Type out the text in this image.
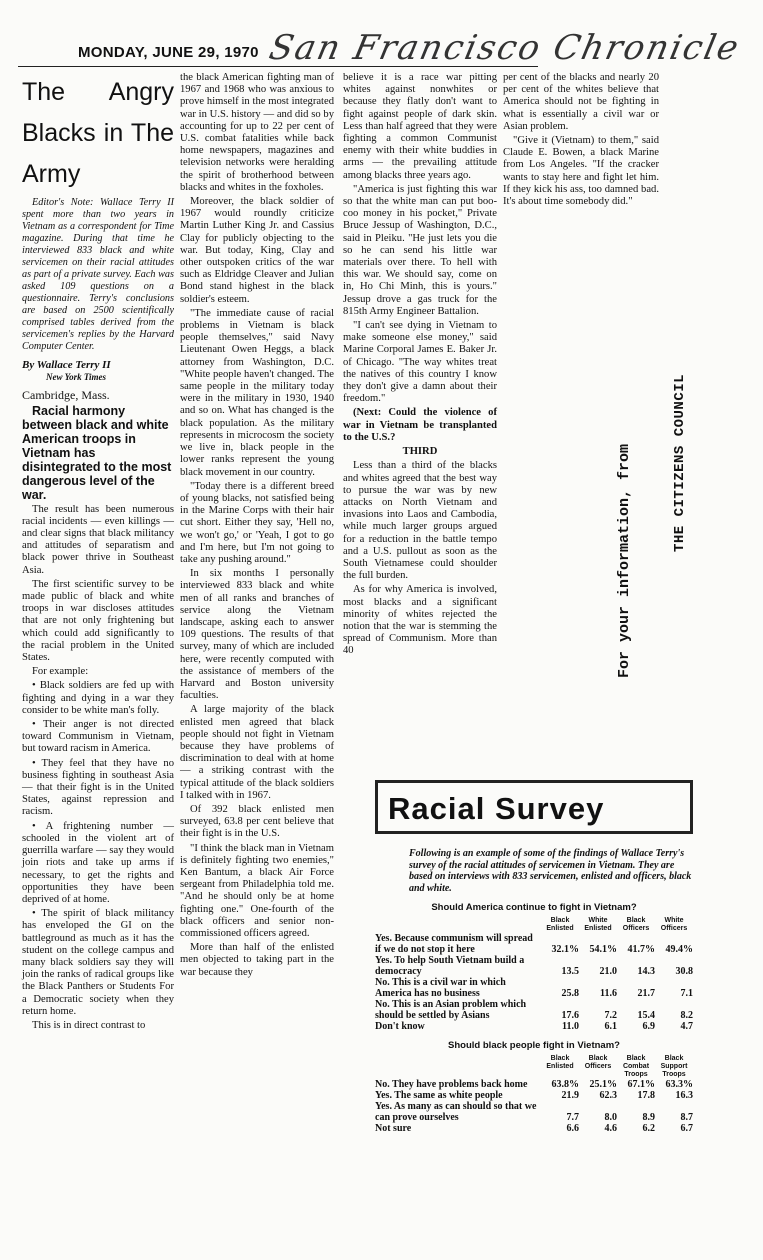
MONDAY, JUNE 29, 1970 San Francisco Chronicle

The Angry Blacks in The Army

Editor's Note: Wallace Terry II spent more than two years in Vietnam as a correspondent for Time magazine. During that time he interviewed 833 black and white servicemen on their racial attitudes as part of a private survey. Each was asked 109 questions on a questionnaire. Terry's conclusions are based on 2500 scientifically comprised tables derived from the servicemen's replies by the Harvard Computer Center.

By Wallace Terry II
New York Times

Cambridge, Mass.

Racial harmony between black and white American troops in Vietnam has disintegrated to the most dangerous level of the war.

The result has been numerous racial incidents — even killings — and clear signs that black militancy and attitudes of separatism and black power thrive in Southeast Asia.

The first scientific survey to be made public of black and white troops in war discloses attitudes that are not only frightening but which could add significantly to the racial problem in the United States.

For example:

• Black soldiers are fed up with fighting and dying in a war they consider to be white man's folly.

• Their anger is not directed toward Communism in Vietnam, but toward racism in America.

• They feel that they have no business fighting in southeast Asia — that their fight is in the United States, against repression and racism.

• A frightening number —schooled in the violent art of guerrilla warfare — say they would join riots and take up arms if necessary, to get the rights and opportunities they have been deprived of at home.

• The spirit of black militancy has enveloped the GI on the battleground as much as it has the student on the college campus and many black soldiers say they will join the ranks of radical groups like the Black Panthers or Students For a Democratic society when they return home.

This is in direct contrast to

the black American fighting man of 1967 and 1968 who was anxious to prove himself in the most integrated war in U.S. history — and did so by accounting for up to 22 per cent of U.S. combat fatalities while back home newspapers, magazines and television networks were heralding the spirit of brotherhood between blacks and whites in the foxholes.

Moreover, the black soldier of 1967 would roundly criticize Martin Luther King Jr. and Cassius Clay for publicly objecting to the war. But today, King, Clay and other outspoken critics of the war such as Eldridge Cleaver and Julian Bond stand highest in the black soldier's esteem.

"The immediate cause of racial problems in Vietnam is black people themselves," said Navy Lieutenant Owen Heggs, a black attorney from Washington, D.C. "White people haven't changed. The same people in the military today were in the military in 1930, 1940 and so on. What has changed is the black population. As the military represents in microcosm the society we live in, black people in the lower ranks represent the young black movement in our country.

"Today there is a different breed of young blacks, not satisfied being in the Marine Corps with their hair cut short. Either they say, 'Hell no, we won't go,' or 'Yeah, I got to go and I'm here, but I'm not going to take any pushing around."

In six months I personally interviewed 833 black and white men of all ranks and branches of service along the Vietnam landscape, asking each to answer 109 questions. The results of that survey, many of which are included here, were recently computed with the assistance of members of the Harvard and Boston university faculties.

A large majority of the black enlisted men agreed that black people should not fight in Vietnam because they have problems of discrimination to deal with at home — a striking contrast with the typical attitude of the black soldiers I talked with in 1967.

Of 392 black enlisted men surveyed, 63.8 per cent believe that their fight is in the U.S.

"I think the black man in Vietnam is definitely fighting two enemies," Ken Bantum, a black Air Force sergeant from Philadelphia told me. "And he should only be at home fighting one." One-fourth of the black officers and senior non-commissioned officers agreed.

More than half of the enlisted men objected to taking part in the war because they

believe it is a race war pitting whites against nonwhites or because they flatly don't want to fight against people of dark skin. Less than half agreed that they were fighting a common Communist enemy with their white buddies in arms — the prevailing attitude among blacks three years ago.

"America is just fighting this war so that the white man can put boo-coo money in his pocket," Private Bruce Jessup of Washington, D.C., said in Pleiku. "He just lets you die so he can send his little war materials over there. To hell with this war. We should say, come on in, Ho Chi Minh, this is yours." Jessup drove a gas truck for the 815th Army Engineer Battalion.

"I can't see dying in Vietnam to make someone else money," said Marine Corporal James E. Baker Jr. of Chicago. "The way whites treat the natives of this country I know they don't give a damn about their freedom."

(Next: Could the violence of war in Vietnam be transplanted to the U.S.?

THIRD

Less than a third of the blacks and whites agreed that the best way to pursue the war was by new attacks on North Vietnam and invasions into Laos and Cambodia, while much larger groups argued for a reduction in the battle tempo and a U.S. pullout as soon as the South Vietnamese could shoulder the full burden.

As for why America is involved, most blacks and a significant minority of whites rejected the notion that the war is stemming the spread of Communism. More than 40

per cent of the blacks and nearly 20 per cent of the whites believe that America should not be fighting in what is essentially a civil war or Asian problem.

"Give it (Vietnam) to them," said Claude E. Bowen, a black Marine from Los Angeles. "If the cracker wants to stay here and fight let him. If they kick his ass, too damned bad. It's about time somebody did."

For your information, from	THE CITIZENS COUNCIL
Racial Survey
Following is an example of some of the findings of Wallace Terry's survey of the racial attitudes of servicemen in Vietnam. They are based on interviews with 833 servicemen, enlisted and officers, black and white.
Should America continue to fight in Vietnam?
Black Enlisted
White Enlisted
Black Officers
White Officers
Yes. Because communism will spread if we do not stop it here	32.1%	54.1%	41.7%	49.4%
Yes. To help South Vietnam build a democracy	13.5	21.0	14.3	30.8
No. This is a civil war in which America has no business	25.8	11.6	21.7	7.1
No. This is an Asian problem which should be settled by Asians	17.6	7.2	15.4	8.2
Don't know	11.0	6.1	6.9	4.7
Should black people fight in Vietnam?
Black Enlisted
Black Officers
Black Combat Troops
Black Support Troops
No. They have problems back home	63.8%	25.1%	67.1%	63.3%
Yes. The same as white people	21.9	62.3	17.8	16.3
Yes. As many as can should so that we can prove ourselves	7.7	8.0	8.9	8.7
Not sure	6.6	4.6	6.2	6.7
